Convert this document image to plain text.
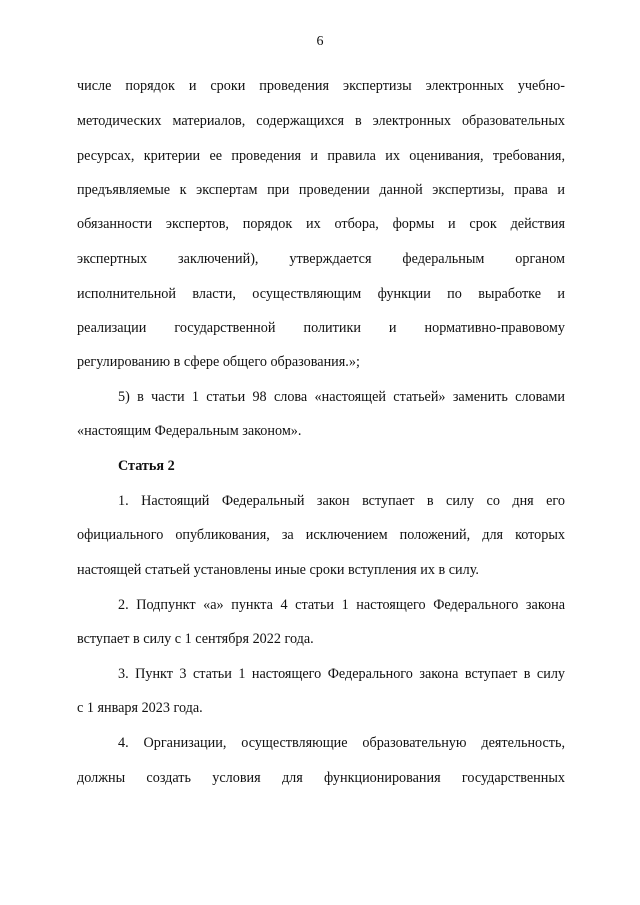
6
числе порядок и сроки проведения экспертизы электронных учебно-
методических материалов, содержащихся в электронных образовательных
ресурсах, критерии ее проведения и правила их оценивания, требования,
предъявляемые к экспертам при проведении данной экспертизы, права и
обязанности экспертов, порядок их отбора, формы и срок действия
экспертных заключений), утверждается федеральным органом
исполнительной власти, осуществляющим функции по выработке и
реализации государственной политики и нормативно-правовому
регулированию в сфере общего образования.»;
5) в части 1 статьи 98 слова «настоящей статьей» заменить словами
«настоящим Федеральным законом».
Статья 2
1. Настоящий Федеральный закон вступает в силу со дня его
официального опубликования, за исключением положений, для которых
настоящей статьей установлены иные сроки вступления их в силу.
2. Подпункт «а» пункта 4 статьи 1 настоящего Федерального закона
вступает в силу с 1 сентября 2022 года.
3. Пункт 3 статьи 1 настоящего Федерального закона вступает в силу
с 1 января 2023 года.
4. Организации, осуществляющие образовательную деятельность,
должны создать условия для функционирования государственных
